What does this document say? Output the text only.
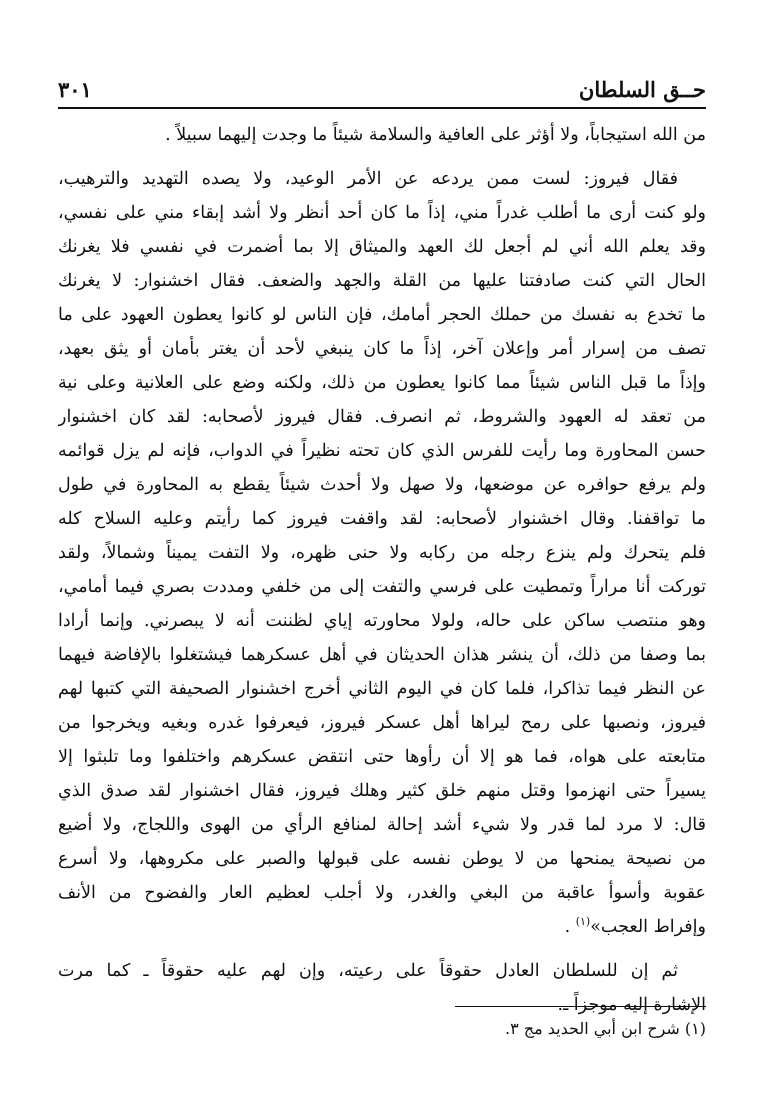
حــق السلطان
٣٠١

من الله استيجاباً، ولا أؤثر على العافية والسلامة شيئاً ما وجدت إليهما سبيلاً .

فقال فيروز: لست ممن يردعه عن الأمر الوعيد، ولا يصده التهديد والترهيب،
ولو كنت أرى ما أطلب غدراً مني، إذاً ما كان أحد أنظر ولا أشد إبقاء مني على نفسي،
وقد يعلم الله أني لم أجعل لك العهد والميثاق إلا بما أضمرت في نفسي فلا يغرنك
الحال التي كنت صادفتنا عليها من القلة والجهد والضعف. فقال اخشنوار: لا يغرنك
ما تخدع به نفسك من حملك الحجر أمامك، فإن الناس لو كانوا يعطون العهود على ما
تصف من إسرار أمر وإعلان آخر، إذاً ما كان ينبغي لأحد أن يغتر بأمان أو يثق بعهد،
وإذاً ما قبل الناس شيئاً مما كانوا يعطون من ذلك، ولكنه وضع على العلانية وعلى نية
من تعقد له العهود والشروط، ثم انصرف. فقال فيروز لأصحابه: لقد كان اخشنوار
حسن المحاورة وما رأيت للفرس الذي كان تحته نظيراً في الدواب، فإنه لم يزل قوائمه
ولم يرفع حوافره عن موضعها، ولا صهل ولا أحدث شيئاً يقطع به المحاورة في طول
ما تواقفنا. وقال اخشنوار لأصحابه: لقد واقفت فيروز كما رأيتم وعليه السلاح كله
فلم يتحرك ولم ينزع رجله من ركابه ولا حنى ظهره، ولا التفت يميناً وشمالاً، ولقد
توركت أنا مراراً وتمطيت على فرسي والتفت إلى من خلفي ومددت بصري فيما أمامي،
وهو منتصب ساكن على حاله، ولولا محاورته إياي لظننت أنه لا يبصرني. وإنما أرادا
بما وصفا من ذلك، أن ينشر هذان الحديثان في أهل عسكرهما فيشتغلوا بالإفاضة فيهما
عن النظر فيما تذاكرا، فلما كان في اليوم الثاني أخرج اخشنوار الصحيفة التي كتبها لهم
فيروز، ونصبها على رمح ليراها أهل عسكر فيروز، فيعرفوا غدره وبغيه ويخرجوا من
متابعته على هواه، فما هو إلا أن رأوها حتى انتقض عسكرهم واختلفوا وما تلبثوا إلا
يسيراً حتى انهزموا وقتل منهم خلق كثير وهلك فيروز، فقال اخشنوار لقد صدق الذي
قال: لا مرد لما قدر ولا شيء أشد إحالة لمنافع الرأي من الهوى واللجاج، ولا أضيع
من نصيحة يمنحها من لا يوطن نفسه على قبولها والصبر على مكروهها، ولا أسرع
عقوبة وأسوأ عاقبة من البغي والغدر، ولا أجلب لعظيم العار والفضوح من الأنف
وإفراط العجب»$^{(١)}$ .

ثم إن للسلطان العادل حقوقاً على رعيته، وإن لهم عليه حقوقاً ـ كما مرت
الإشارة إليه موجزاً ـ.

(١) شرح ابن أبي الحديد مج ٣.
